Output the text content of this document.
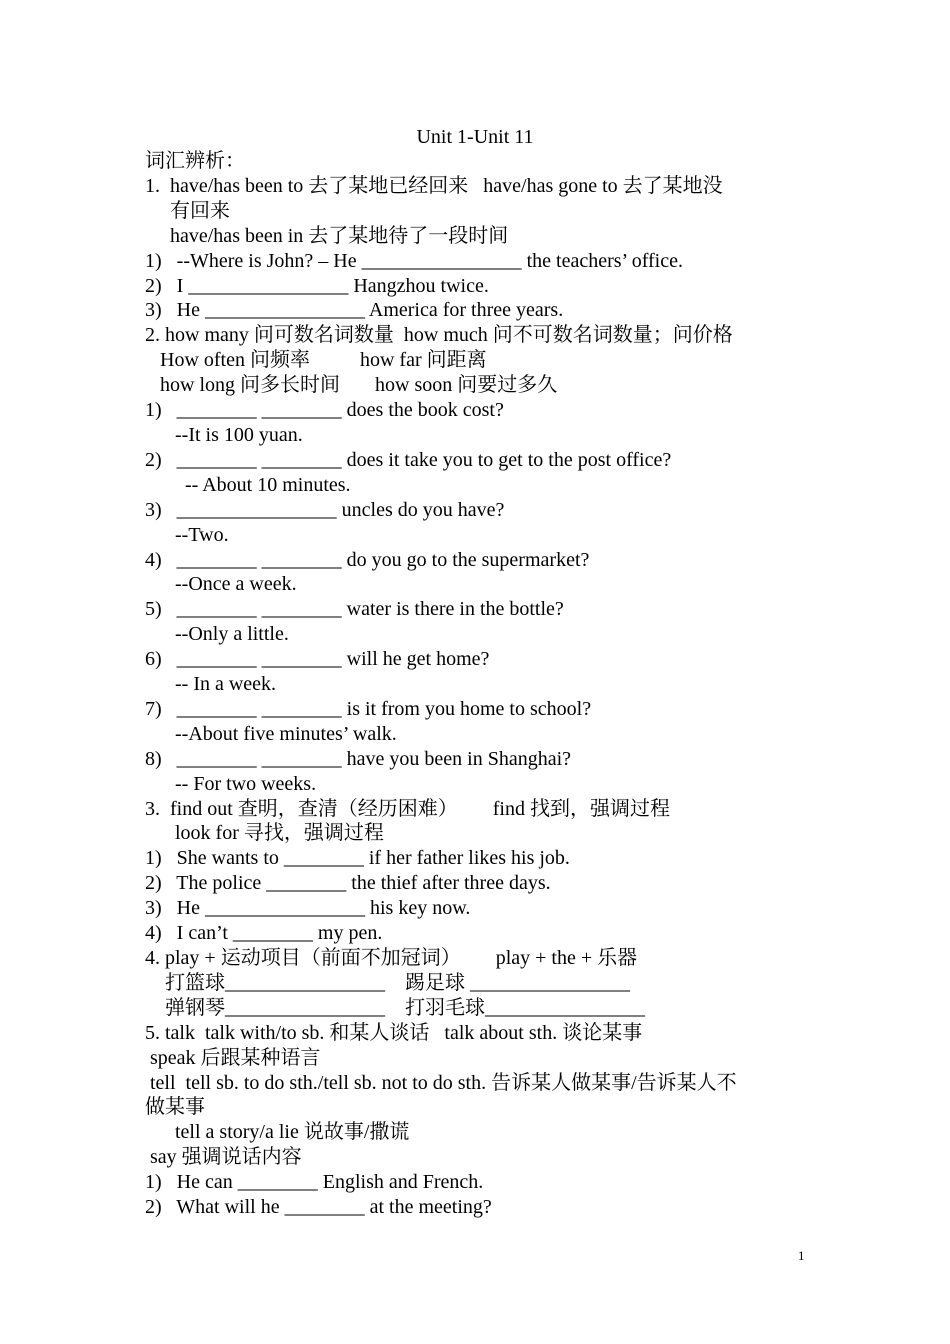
Unit 1-Unit 11
词汇辨析：
1.  have/has been to 去了某地已经回来   have/has gone to 去了某地没
有回来
have/has been in 去了某地待了一段时间
1)   --Where is John? – He ________________ the teachers’ office.
2)   I ________________ Hangzhou twice.
3)   He ________________ America for three years.
2. how many 问可数名词数量  how much 问不可数名词数量；问价格
How often 问频率          how far 问距离
how long 问多长时间       how soon 问要过多久
1)   ________ ________ does the book cost?
--It is 100 yuan.
2)   ________ ________ does it take you to get to the post office?
-- About 10 minutes.
3)   ________________ uncles do you have?
--Two.
4)   ________ ________ do you go to the supermarket?
--Once a week.
5)   ________ ________ water is there in the bottle?
--Only a little.
6)   ________ ________ will he get home?
-- In a week.
7)   ________ ________ is it from you home to school?
--About five minutes’ walk.
8)   ________ ________ have you been in Shanghai?
-- For two weeks.
3.  find out 查明，查清（经历困难）       find 找到，强调过程
look for 寻找，强调过程
1)   She wants to ________ if her father likes his job.
2)   The police ________ the thief after three days.
3)   He ________________ his key now.
4)   I can’t ________ my pen.
4. play + 运动项目（前面不加冠词）       play + the + 乐器
打篮球________________    踢足球 ________________
弹钢琴________________    打羽毛球________________
5. talk  talk with/to sb. 和某人谈话   talk about sth. 谈论某事
speak 后跟某种语言
tell  tell sb. to do sth./tell sb. not to do sth. 告诉某人做某事/告诉某人不
做某事
tell a story/a lie 说故事/撒谎
say 强调说话内容
1)   He can ________ English and French.
2)   What will he ________ at the meeting?
1
